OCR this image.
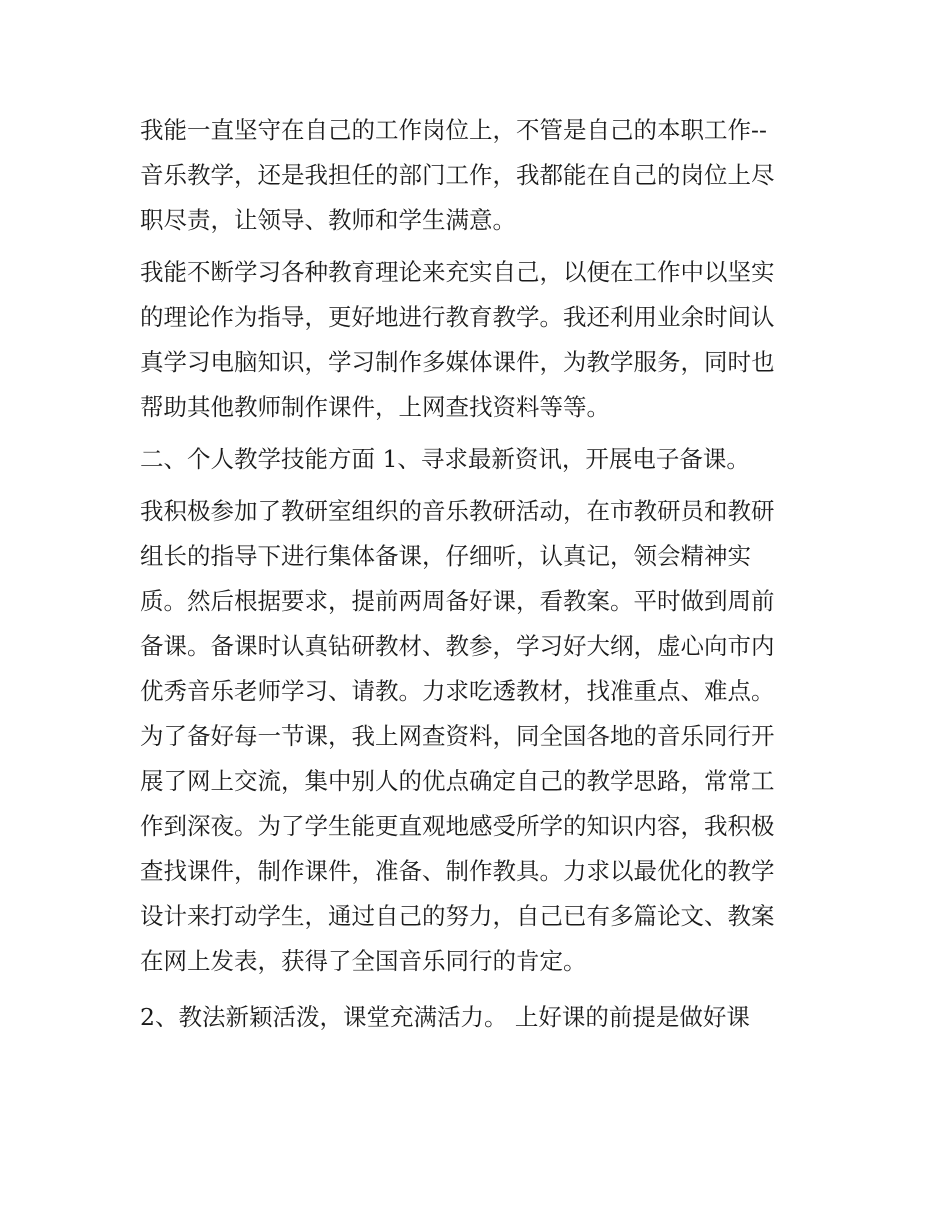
我能一直坚守在自己的工作岗位上，不管是自己的本职工作--
音乐教学，还是我担任的部门工作，我都能在自己的岗位上尽
职尽责，让领导、教师和学生满意。
我能不断学习各种教育理论来充实自己，以便在工作中以坚实
的理论作为指导，更好地进行教育教学。我还利用业余时间认
真学习电脑知识，学习制作多媒体课件，为教学服务，同时也
帮助其他教师制作课件，上网查找资料等等。
二、个人教学技能方面 1、寻求最新资讯，开展电子备课。
我积极参加了教研室组织的音乐教研活动，在市教研员和教研
组长的指导下进行集体备课，仔细听，认真记，领会精神实
质。然后根据要求，提前两周备好课，看教案。平时做到周前
备课。备课时认真钻研教材、教参，学习好大纲，虚心向市内
优秀音乐老师学习、请教。力求吃透教材，找准重点、难点。
为了备好每一节课，我上网查资料，同全国各地的音乐同行开
展了网上交流，集中别人的优点确定自己的教学思路，常常工
作到深夜。为了学生能更直观地感受所学的知识内容，我积极
查找课件，制作课件，准备、制作教具。力求以最优化的教学
设计来打动学生，通过自己的努力，自己已有多篇论文、教案
在网上发表，获得了全国音乐同行的肯定。
2、教法新颖活泼，课堂充满活力。 上好课的前提是做好课
